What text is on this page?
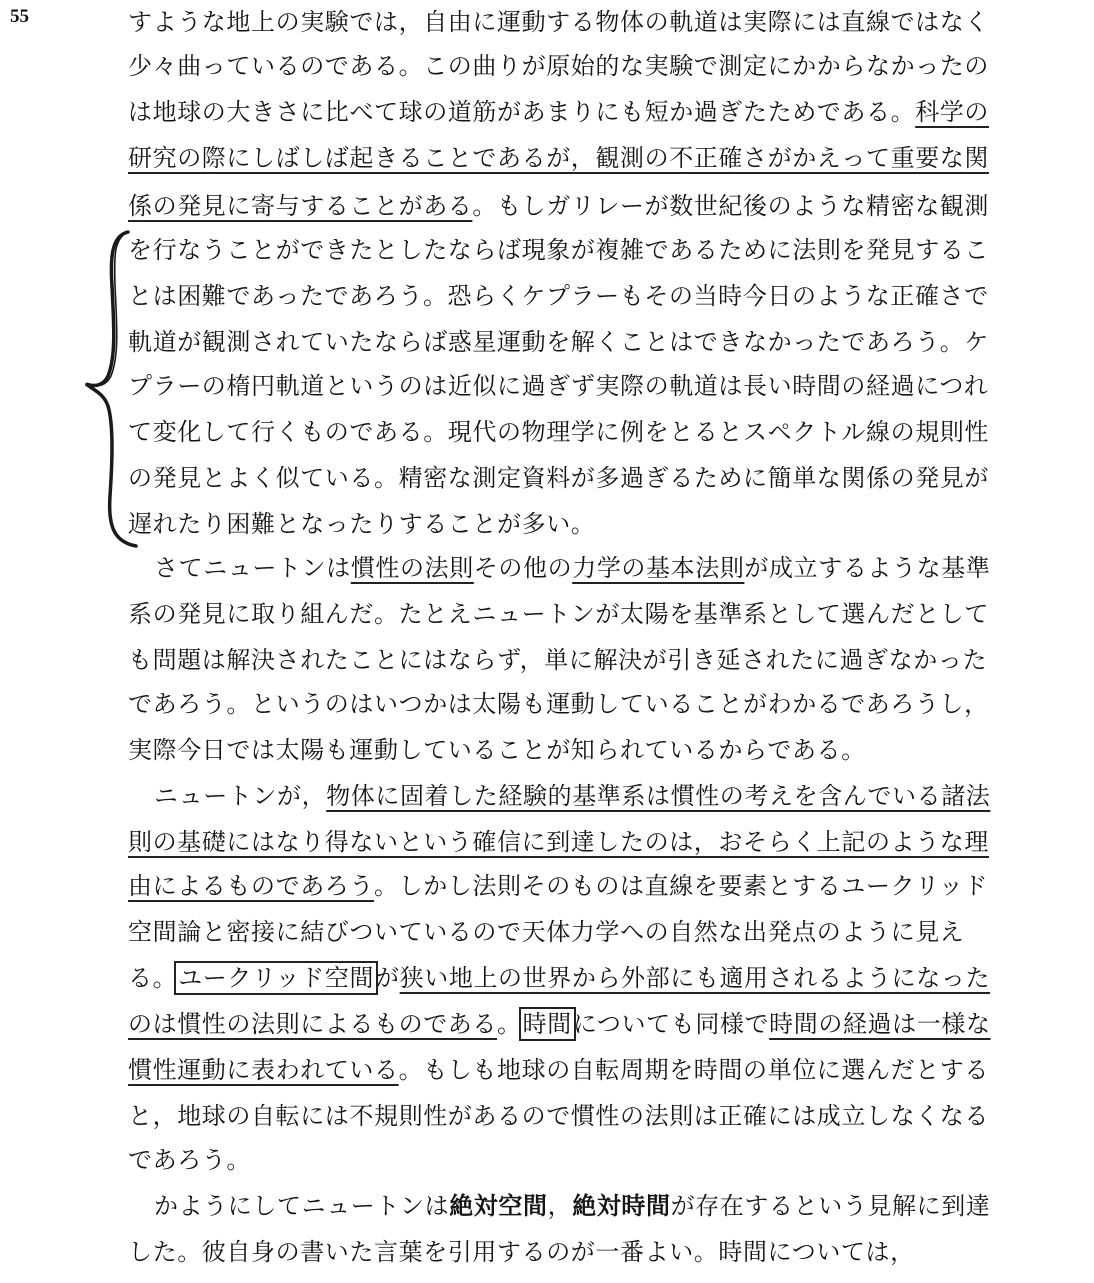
55	すような地上の実験では，自由に運動する物体の軌道は実際には直線ではなく
少々曲っているのである。この曲りが原始的な実験で測定にかからなかったの
は地球の大きさに比べて球の道筋があまりにも短か過ぎたためである。科学の
研究の際にしばしば起きることであるが，観測の不正確さがかえって重要な関
係の発見に寄与することがある。もしガリレーが数世紀後のような精密な観測
を行なうことができたとしたならば現象が複雑であるために法則を発見するこ
とは困難であったであろう。恐らくケプラーもその当時今日のような正確さで
軌道が観測されていたならば惑星運動を解くことはできなかったであろう。ケ
プラーの楕円軌道というのは近似に過ぎず実際の軌道は長い時間の経過につれ
て変化して行くものである。現代の物理学に例をとるとスペクトル線の規則性
の発見とよく似ている。精密な測定資料が多過ぎるために簡単な関係の発見が
遅れたり困難となったりすることが多い。
さてニュートンは慣性の法則その他の力学の基本法則が成立するような基準
系の発見に取り組んだ。たとえニュートンが太陽を基準系として選んだとして
も問題は解決されたことにはならず，単に解決が引き延されたに過ぎなかった
であろう。というのはいつかは太陽も運動していることがわかるであろうし，
実際今日では太陽も運動していることが知られているからである。
ニュートンが，物体に固着した経験的基準系は慣性の考えを含んでいる諸法
則の基礎にはなり得ないという確信に到達したのは，おそらく上記のような理
由によるものであろう。しかし法則そのものは直線を要素とするユークリッド
空間論と密接に結びついているので天体力学への自然な出発点のように見え
る。ユークリッド空間が狭い地上の世界から外部にも適用されるようになった
のは慣性の法則によるものである。時間についても同様で時間の経過は一様な
慣性運動に表われている。もしも地球の自転周期を時間の単位に選んだとする
と，地球の自転には不規則性があるので慣性の法則は正確には成立しなくなる
であろう。
かようにしてニュートンは絶対空間，絶対時間が存在するという見解に到達
した。彼自身の書いた言葉を引用するのが一番よい。時間については，
